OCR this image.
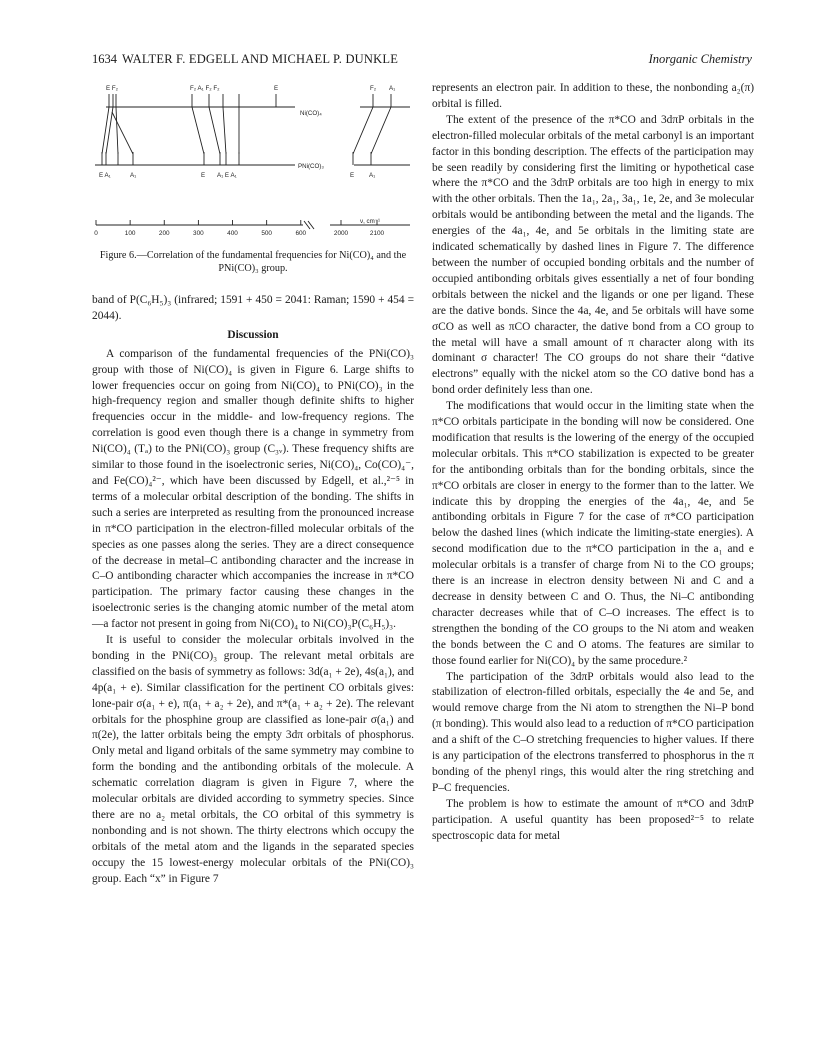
1634 WALTER F. EDGELL AND MICHAEL P. DUNKLE	Inorganic Chemistry
E F₂	F₂ A₁ F₂ F₂	E	F₂ A₁
Ni(CO)₄
PNi(CO)₃
E A₁	A₁	E A₁ E A₁	E A₁
ν, cm⁻¹
0	100	200	300	400	500	600	2000	2100
Figure 6.—Correlation of the fundamental frequencies for Ni(CO)₄ and the PNi(CO)₃ group.

band of P(C₆H₅)₃ (infrared; 1591 + 450 = 2041: Raman; 1590 + 454 = 2044).

Discussion

A comparison of the fundamental frequencies of the PNi(CO)₃ group with those of Ni(CO)₄ is given in Figure 6. Large shifts to lower frequencies occur on going from Ni(CO)₄ to PNi(CO)₃ in the high-frequency region and smaller though definite shifts to higher frequencies occur in the middle- and low-frequency regions. The correlation is good even though there is a change in symmetry from Ni(CO)₄ (Tₐ) to the PNi(CO)₃ group (C₃ᵥ). These frequency shifts are similar to those found in the isoelectronic series, Ni(CO)₄, Co(CO)₄⁻, and Fe(CO)₄²⁻, which have been discussed by Edgell, et al.,²⁻⁵ in terms of a molecular orbital description of the bonding. The shifts in such a series are interpreted as resulting from the pronounced increase in π*CO participation in the electron-filled molecular orbitals of the species as one passes along the series. They are a direct consequence of the decrease in metal–C antibonding character and the increase in C–O antibonding character which accompanies the increase in π*CO participation. The primary factor causing these changes in the isoelectronic series is the changing atomic number of the metal atom—a factor not present in going from Ni(CO)₄ to Ni(CO)₃P(C₆H₅)₃.

It is useful to consider the molecular orbitals involved in the bonding in the PNi(CO)₃ group. The relevant metal orbitals are classified on the basis of symmetry as follows: 3d(a₁ + 2e), 4s(a₁), and 4p(a₁ + e). Similar classification for the pertinent CO orbitals gives: lone-pair σ(a₁ + e), π(a₁ + a₂ + 2e), and π*(a₁ + a₂ + 2e). The relevant orbitals for the phosphine group are classified as lone-pair σ(a₁) and π(2e), the latter orbitals being the empty 3dπ orbitals of phosphorus. Only metal and ligand orbitals of the same symmetry may combine to form the bonding and the antibonding orbitals of the molecule. A schematic correlation diagram is given in Figure 7, where the molecular orbitals are divided according to symmetry species. Since there are no a₂ metal orbitals, the CO orbital of this symmetry is nonbonding and is not shown. The thirty electrons which occupy the orbitals of the metal atom and the ligands in the separated species occupy the 15 lowest-energy molecular orbitals of the PNi(CO)₃ group. Each “x” in Figure 7

represents an electron pair. In addition to these, the nonbonding a₂(π) orbital is filled.

The extent of the presence of the π*CO and 3dπP orbitals in the electron-filled molecular orbitals of the metal carbonyl is an important factor in this bonding description. The effects of the participation may be seen readily by considering first the limiting or hypothetical case where the π*CO and the 3dπP orbitals are too high in energy to mix with the other orbitals. Then the 1a₁, 2a₁, 3a₁, 1e, 2e, and 3e molecular orbitals would be antibonding between the metal and the ligands. The energies of the 4a₁, 4e, and 5e orbitals in the limiting state are indicated schematically by dashed lines in Figure 7. The difference between the number of occupied bonding orbitals and the number of occupied antibonding orbitals gives essentially a net of four bonding orbitals between the nickel and the ligands or one per ligand. These are the dative bonds. Since the 4a, 4e, and 5e orbitals will have some σCO as well as πCO character, the dative bond from a CO group to the metal will have a small amount of π character along with its dominant σ character! The CO groups do not share their “dative electrons” equally with the nickel atom so the CO dative bond has a bond order definitely less than one.

The modifications that would occur in the limiting state when the π*CO orbitals participate in the bonding will now be considered. One modification that results is the lowering of the energy of the occupied molecular orbitals. This π*CO stabilization is expected to be greater for the antibonding orbitals than for the bonding orbitals, since the π*CO orbitals are closer in energy to the former than to the latter. We indicate this by dropping the energies of the 4a₁, 4e, and 5e antibonding orbitals in Figure 7 for the case of π*CO participation below the dashed lines (which indicate the limiting-state energies). A second modification due to the π*CO participation in the a₁ and e molecular orbitals is a transfer of charge from Ni to the CO groups; there is an increase in electron density between Ni and C and a decrease in density between C and O. Thus, the Ni–C antibonding character decreases while that of C–O increases. The effect is to strengthen the bonding of the CO groups to the Ni atom and weaken the bonds between the C and O atoms. The features are similar to those found earlier for Ni(CO)₄ by the same procedure.²

The participation of the 3dπP orbitals would also lead to the stabilization of electron-filled orbitals, especially the 4e and 5e, and would remove charge from the Ni atom to strengthen the Ni–P bond (π bonding). This would also lead to a reduction of π*CO participation and a shift of the C–O stretching frequencies to higher values. If there is any participation of the electrons transferred to phosphorus in the π bonding of the phenyl rings, this would alter the ring stretching and P–C frequencies.

The problem is how to estimate the amount of π*CO and 3dπP participation. A useful quantity has been proposed²⁻⁵ to relate spectroscopic data for metal
